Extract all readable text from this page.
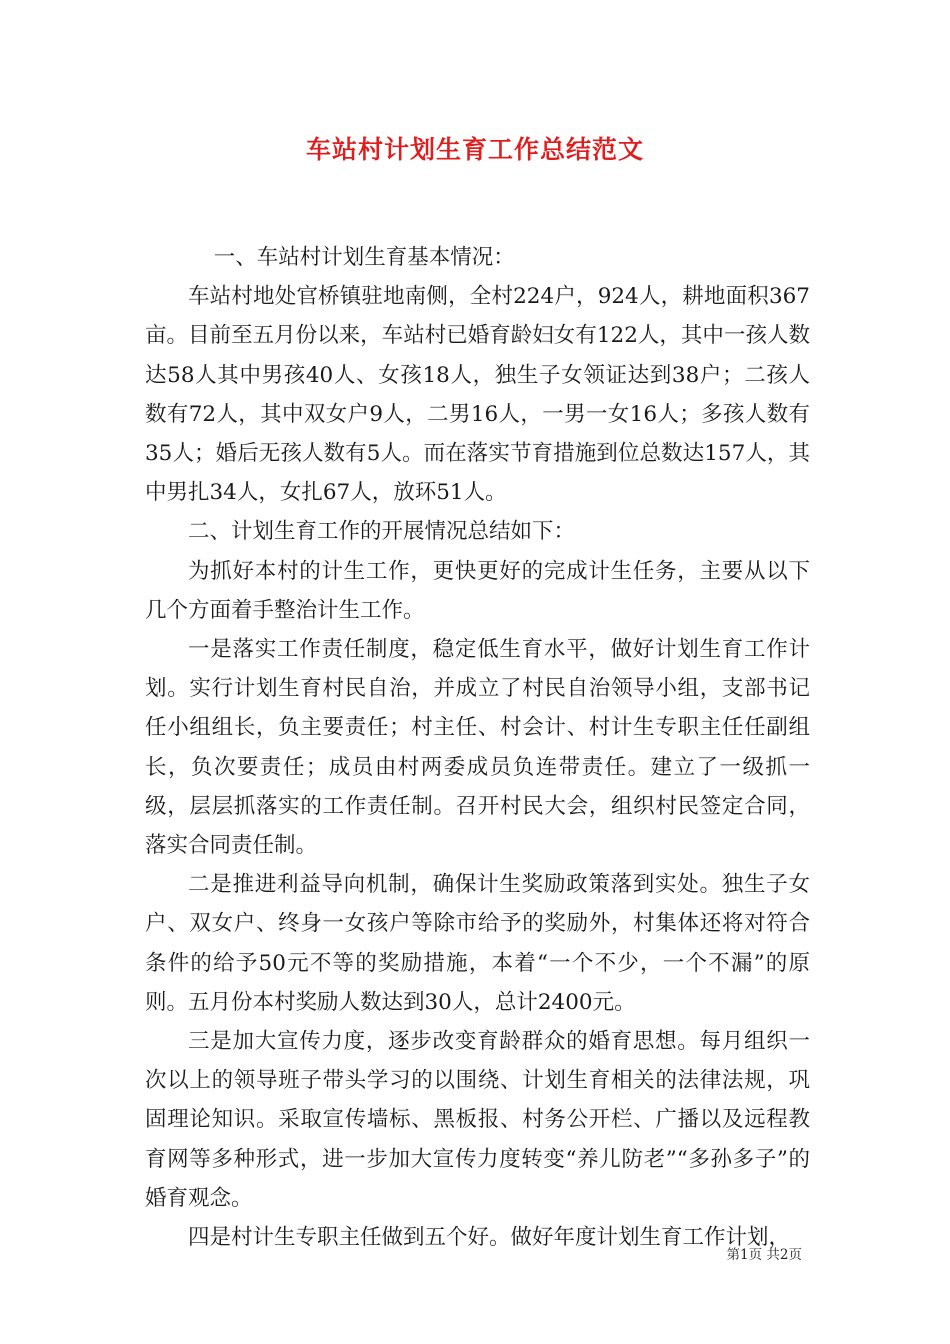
车站村计划生育工作总结范文

一、车站村计划生育基本情况：

车站村地处官桥镇驻地南侧，全村224户，924人，耕地面积367亩。目前至五月份以来，车站村已婚育龄妇女有122人，其中一孩人数达58人其中男孩40人、女孩18人，独生子女领证达到38户；二孩人数有72人，其中双女户9人，二男16人，一男一女16人；多孩人数有35人；婚后无孩人数有5人。而在落实节育措施到位总数达157人，其中男扎34人，女扎67人，放环51人。

二、计划生育工作的开展情况总结如下：

为抓好本村的计生工作，更快更好的完成计生任务，主要从以下几个方面着手整治计生工作。

一是落实工作责任制度，稳定低生育水平，做好计划生育工作计划。实行计划生育村民自治，并成立了村民自治领导小组，支部书记任小组组长，负主要责任；村主任、村会计、村计生专职主任任副组长，负次要责任；成员由村两委成员负连带责任。建立了一级抓一级，层层抓落实的工作责任制。召开村民大会，组织村民签定合同，落实合同责任制。

二是推进利益导向机制，确保计生奖励政策落到实处。独生子女户、双女户、终身一女孩户等除市给予的奖励外，村集体还将对符合条件的给予50元不等的奖励措施，本着“一个不少，一个不漏”的原则。五月份本村奖励人数达到30人，总计2400元。

三是加大宣传力度，逐步改变育龄群众的婚育思想。每月组织一次以上的领导班子带头学习的以围绕、计划生育相关的法律法规，巩固理论知识。采取宣传墙标、黑板报、村务公开栏、广播以及远程教育网等多种形式，进一步加大宣传力度转变“养儿防老”“多孙多子”的婚育观念。

四是村计生专职主任做到五个好。做好年度计划生育工作计划，

第1页 共2页
